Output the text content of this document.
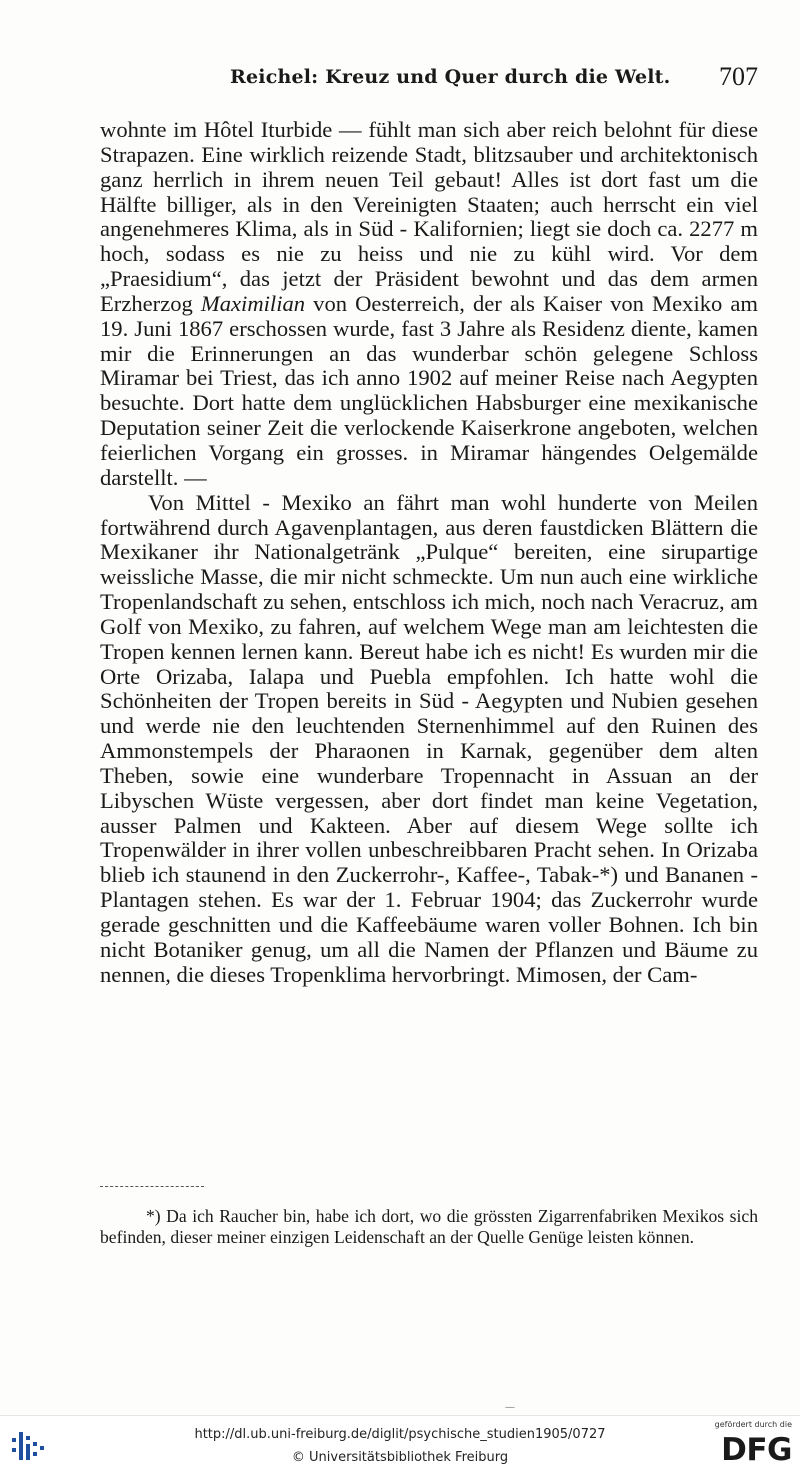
Reichel: Kreuz und Quer durch die Welt. 707

wohnte im Hôtel Iturbide — fühlt man sich aber reich belohnt für diese Strapazen. Eine wirklich reizende Stadt, blitzsauber und architektonisch ganz herrlich in ihrem neuen Teil gebaut! Alles ist dort fast um die Hälfte billiger, als in den Vereinigten Staaten; auch herrscht ein viel angenehmeres Klima, als in Süd - Kalifornien; liegt sie doch ca. 2277 m hoch, sodass es nie zu heiss und nie zu kühl wird. Vor dem „Praesidium“, das jetzt der Präsident bewohnt und das dem armen Erzherzog Maximilian von Oesterreich, der als Kaiser von Mexiko am 19. Juni 1867 erschossen wurde, fast 3 Jahre als Residenz diente, kamen mir die Erinnerungen an das wunderbar schön gelegene Schloss Miramar bei Triest, das ich anno 1902 auf meiner Reise nach Aegypten besuchte. Dort hatte dem unglücklichen Habsburger eine mexikanische Deputation seiner Zeit die verlockende Kaiserkrone angeboten, welchen feierlichen Vorgang ein grosses. in Miramar hängendes Oelgemälde darstellt. —

Von Mittel - Mexiko an fährt man wohl hunderte von Meilen fortwährend durch Agavenplantagen, aus deren faustdicken Blättern die Mexikaner ihr Nationalgetränk „Pulque“ bereiten, eine sirupartige weissliche Masse, die mir nicht schmeckte. Um nun auch eine wirkliche Tropenlandschaft zu sehen, entschloss ich mich, noch nach Veracruz, am Golf von Mexiko, zu fahren, auf welchem Wege man am leichtesten die Tropen kennen lernen kann. Bereut habe ich es nicht! Es wurden mir die Orte Orizaba, Ialapa und Puebla empfohlen. Ich hatte wohl die Schönheiten der Tropen bereits in Süd - Aegypten und Nubien gesehen und werde nie den leuchtenden Sternenhimmel auf den Ruinen des Ammonstempels der Pharaonen in Karnak, gegenüber dem alten Theben, sowie eine wunderbare Tropennacht in Assuan an der Libyschen Wüste vergessen, aber dort findet man keine Vegetation, ausser Palmen und Kakteen. Aber auf diesem Wege sollte ich Tropenwälder in ihrer vollen unbeschreibbaren Pracht sehen. In Orizaba blieb ich staunend in den Zuckerrohr-, Kaffee-, Tabak-*) und Bananen - Plantagen stehen. Es war der 1. Februar 1904; das Zuckerrohr wurde gerade geschnitten und die Kaffeebäume waren voller Bohnen. Ich bin nicht Botaniker genug, um all die Namen der Pflanzen und Bäume zu nennen, die dieses Tropenklima hervorbringt. Mimosen, der Cam-

*) Da ich Raucher bin, habe ich dort, wo die grössten Zigarrenfabriken Mexikos sich befinden, dieser meiner einzigen Leidenschaft an der Quelle Genüge leisten können.

—
http://dl.ub.uni-freiburg.de/diglit/psychische_studien1905/0727
© Universitätsbibliothek Freiburg
gefördert durch die
DFG
